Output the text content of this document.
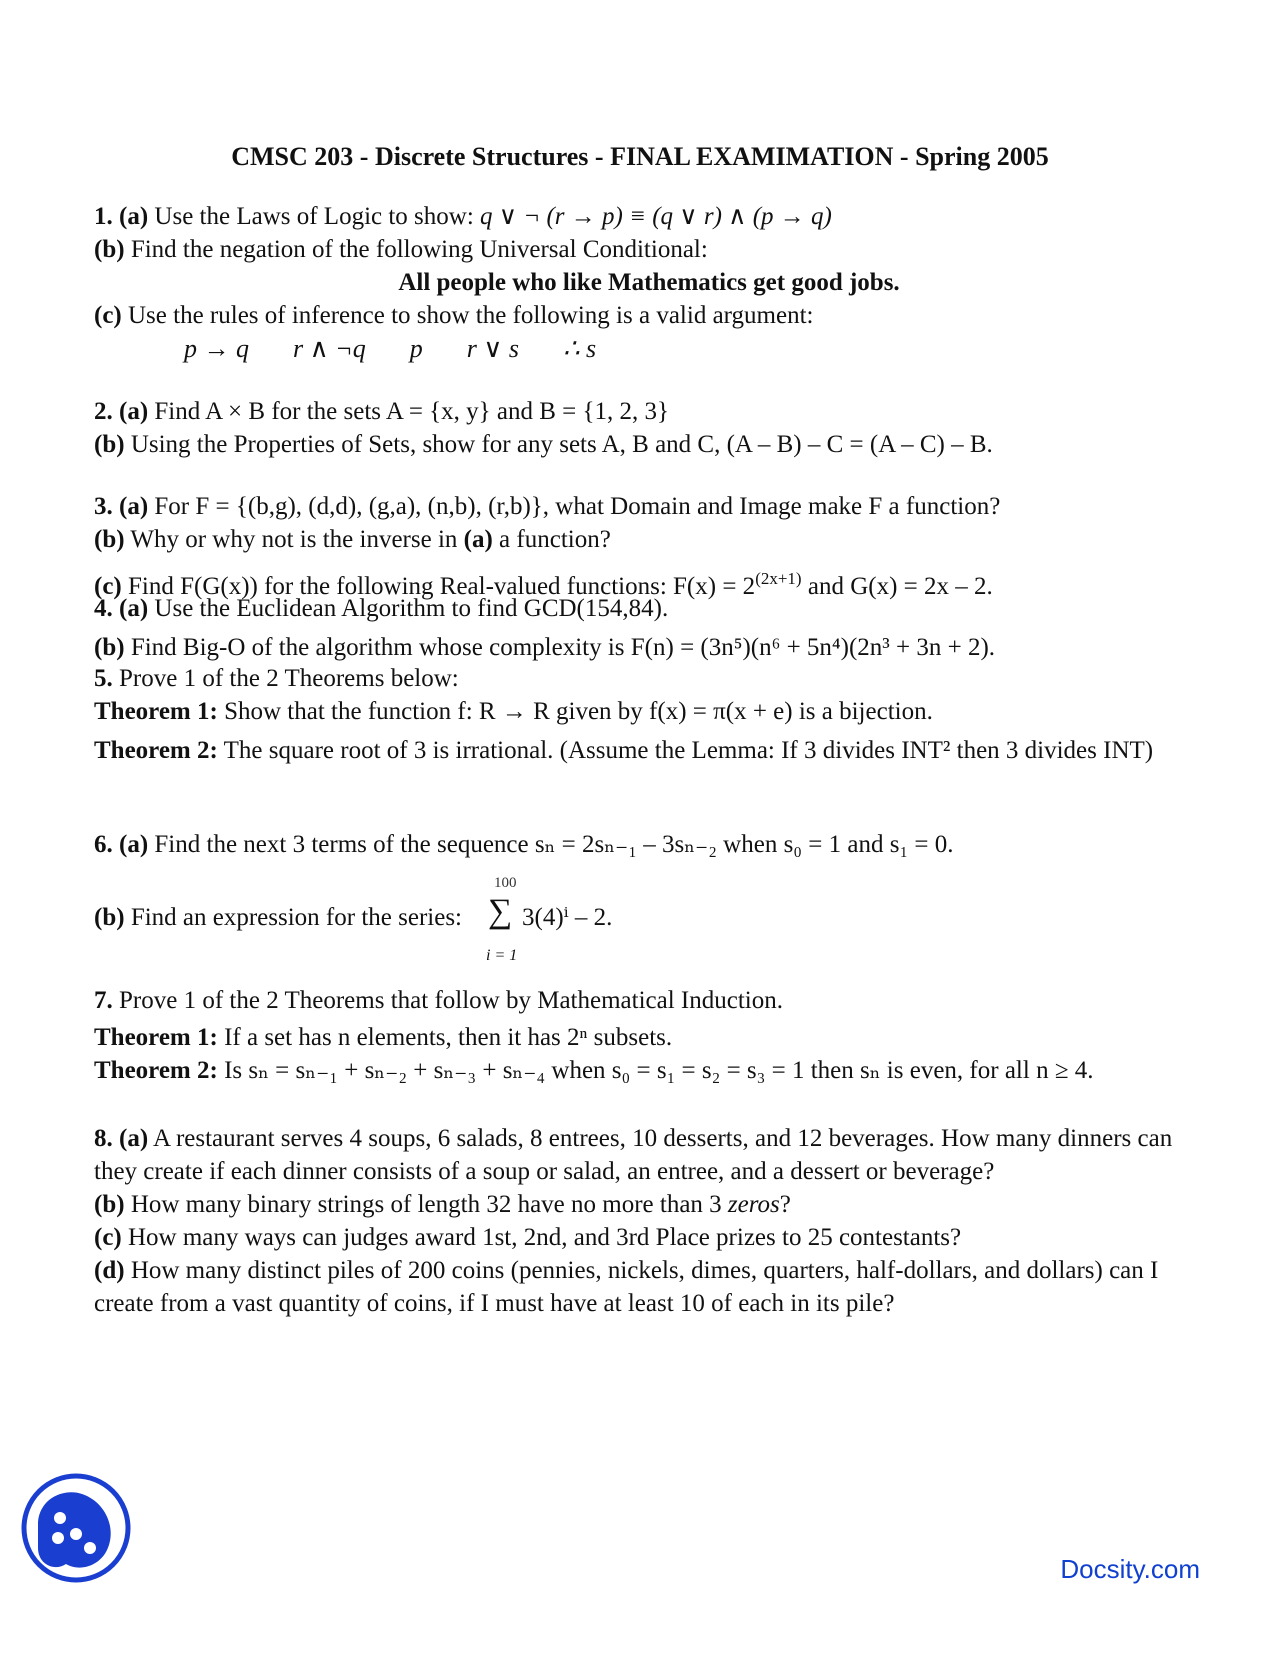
CMSC 203 - Discrete Structures - FINAL EXAMIMATION - Spring 2005
1. (a) Use the Laws of Logic to show: q ∨ ¬ (r → p) ≡ (q ∨ r) ∧ (p → q)
(b) Find the negation of the following Universal Conditional:
All people who like Mathematics get good jobs.
(c) Use the rules of inference to show the following is a valid argument:
p → q r ∧ ¬q p r ∨ s ∴ s
2. (a) Find A × B for the sets A = {x, y} and B = {1, 2, 3}
(b) Using the Properties of Sets, show for any sets A, B and C, (A – B) – C = (A – C) – B.
3. (a) For F = {(b,g), (d,d), (g,a), (n,b), (r,b)}, what Domain and Image make F a function?
(b) Why or why not is the inverse in (a) a function?
(c) Find F(G(x)) for the following Real-valued functions: $F(x) = 2^{(2x+1)}$ and G(x) = 2x – 2.
4. (a) Use the Euclidean Algorithm to find GCD(154,84).
(b) Find Big-O of the algorithm whose complexity is F(n) = (3n⁵)(n⁶ + 5n⁴)(2n³ + 3n + 2).
5. Prove 1 of the 2 Theorems below:
Theorem 1: Show that the function f: R → R given by f(x) = π(x + e) is a bijection.
Theorem 2: The square root of 3 is irrational. (Assume the Lemma: If 3 divides INT² then 3 divides INT)
6. (a) Find the next 3 terms of the sequence sₙ = 2sₙ₋₁ – 3sₙ₋₂ when s₀ = 1 and s₁ = 0.
(b) Find an expression for the series:
100
∑ 3(4)ⁱ – 2.
i = 1
7. Prove 1 of the 2 Theorems that follow by Mathematical Induction.
Theorem 1: If a set has n elements, then it has 2ⁿ subsets.
Theorem 2: Is sₙ = sₙ₋₁ + sₙ₋₂ + sₙ₋₃ + sₙ₋₄ when s₀ = s₁ = s₂ = s₃ = 1 then sₙ is even, for all n ≥ 4.
8. (a) A restaurant serves 4 soups, 6 salads, 8 entrees, 10 desserts, and 12 beverages. How many dinners can they create if each dinner consists of a soup or salad, an entree, and a dessert or beverage?
(b) How many binary strings of length 32 have no more than 3 zeros?
(c) How many ways can judges award 1st, 2nd, and 3rd Place prizes to 25 contestants?
(d) How many distinct piles of 200 coins (pennies, nickels, dimes, quarters, half-dollars, and dollars) can I create from a vast quantity of coins, if I must have at least 10 of each in its pile?
Docsity.com
